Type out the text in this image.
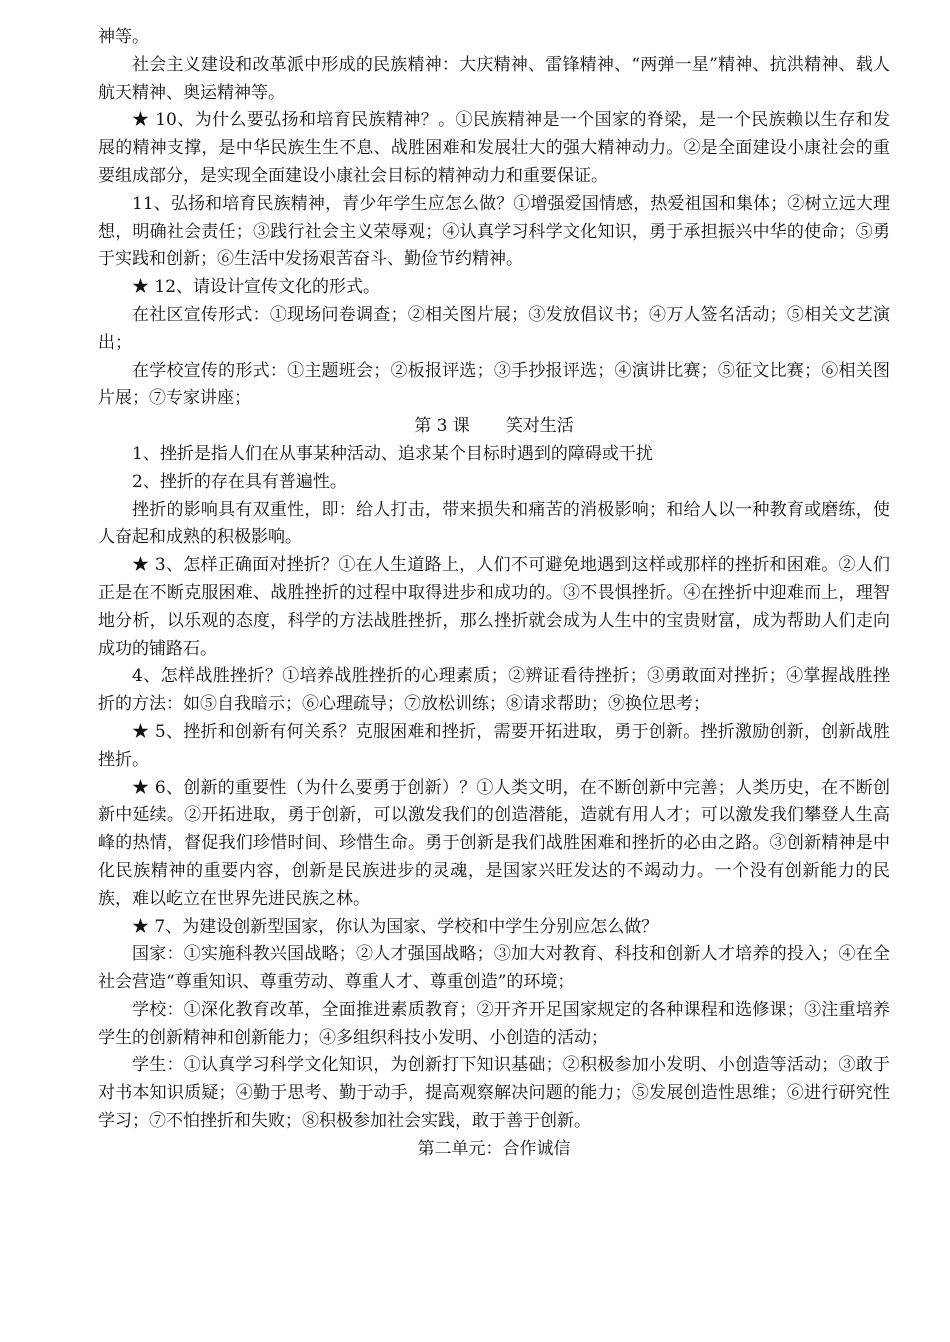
神等。

社会主义建设和改革派中形成的民族精神：大庆精神、雷锋精神、“两弹一星”精神、抗洪精神、载人航天精神、奥运精神等。

★ 10、为什么要弘扬和培育民族精神？。①民族精神是一个国家的脊梁，是一个民族赖以生存和发展的精神支撑，是中华民族生生不息、战胜困难和发展壮大的强大精神动力。②是全面建设小康社会的重要组成部分，是实现全面建设小康社会目标的精神动力和重要保证。

11、弘扬和培育民族精神，青少年学生应怎么做？①增强爱国情感，热爱祖国和集体；②树立远大理想，明确社会责任；③践行社会主义荣辱观；④认真学习科学文化知识，勇于承担振兴中华的使命；⑤勇于实践和创新；⑥生活中发扬艰苦奋斗、勤俭节约精神。

★ 12、请设计宣传文化的形式。

在社区宣传形式：①现场问卷调查；②相关图片展；③发放倡议书；④万人签名活动；⑤相关文艺演出；

在学校宣传的形式：①主题班会；②板报评选；③手抄报评选；④演讲比赛；⑤征文比赛；⑥相关图片展；⑦专家讲座；

第 3 课 笑对生活

1、挫折是指人们在从事某种活动、追求某个目标时遇到的障碍或干扰

2、挫折的存在具有普遍性。

挫折的影响具有双重性，即：给人打击，带来损失和痛苦的消极影响；和给人以一种教育或磨练，使人奋起和成熟的积极影响。

★ 3、怎样正确面对挫折？①在人生道路上，人们不可避免地遇到这样或那样的挫折和困难。②人们正是在不断克服困难、战胜挫折的过程中取得进步和成功的。③不畏惧挫折。④在挫折中迎难而上，理智地分析，以乐观的态度，科学的方法战胜挫折，那么挫折就会成为人生中的宝贵财富，成为帮助人们走向成功的铺路石。

4、怎样战胜挫折？①培养战胜挫折的心理素质；②辨证看待挫折；③勇敢面对挫折；④掌握战胜挫折的方法：如⑤自我暗示；⑥心理疏导；⑦放松训练；⑧请求帮助；⑨换位思考；

★ 5、挫折和创新有何关系？克服困难和挫折，需要开拓进取，勇于创新。挫折激励创新，创新战胜挫折。

★ 6、创新的重要性（为什么要勇于创新）？①人类文明，在不断创新中完善；人类历史，在不断创新中延续。②开拓进取，勇于创新，可以激发我们的创造潜能，造就有用人才；可以激发我们攀登人生高峰的热情，督促我们珍惜时间、珍惜生命。勇于创新是我们战胜困难和挫折的必由之路。③创新精神是中化民族精神的重要内容，创新是民族进步的灵魂，是国家兴旺发达的不竭动力。一个没有创新能力的民族，难以屹立在世界先进民族之林。

★ 7、为建设创新型国家，你认为国家、学校和中学生分别应怎么做？

国家：①实施科教兴国战略；②人才强国战略；③加大对教育、科技和创新人才培养的投入；④在全社会营造“尊重知识、尊重劳动、尊重人才、尊重创造”的环境；

学校：①深化教育改革，全面推进素质教育；②开齐开足国家规定的各种课程和选修课；③注重培养学生的创新精神和创新能力；④多组织科技小发明、小创造的活动；

学生：①认真学习科学文化知识，为创新打下知识基础；②积极参加小发明、小创造等活动；③敢于对书本知识质疑；④勤于思考、勤于动手，提高观察解决问题的能力；⑤发展创造性思维；⑥进行研究性学习；⑦不怕挫折和失败；⑧积极参加社会实践，敢于善于创新。

第二单元：合作诚信
